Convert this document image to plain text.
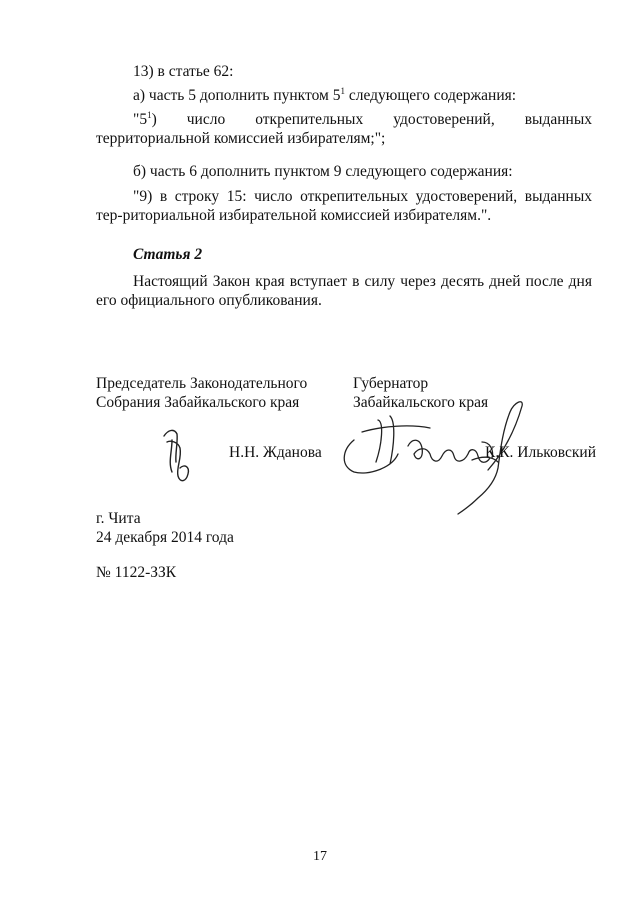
13) в статье 62:
а) часть 5 дополнить пунктом $5^1$ следующего содержания:
"$5^1$) число открепительных удостоверений, выданных территориальной комиссией избирателям;";
б) часть 6 дополнить пунктом 9 следующего содержания:
"9) в строку 15: число открепительных удостоверений, выданных тер-риториальной избирательной комиссией избирателям.".
Статья 2
Настоящий Закон края вступает в силу через десять дней после дня его официального опубликования.
Председатель Законодательного
Собрания Забайкальского края
Н.Н. Жданова
Губернатор
Забайкальского края
К.К. Ильковский
г. Чита
24 декабря 2014 года
№ 1122-ЗЗК
17
